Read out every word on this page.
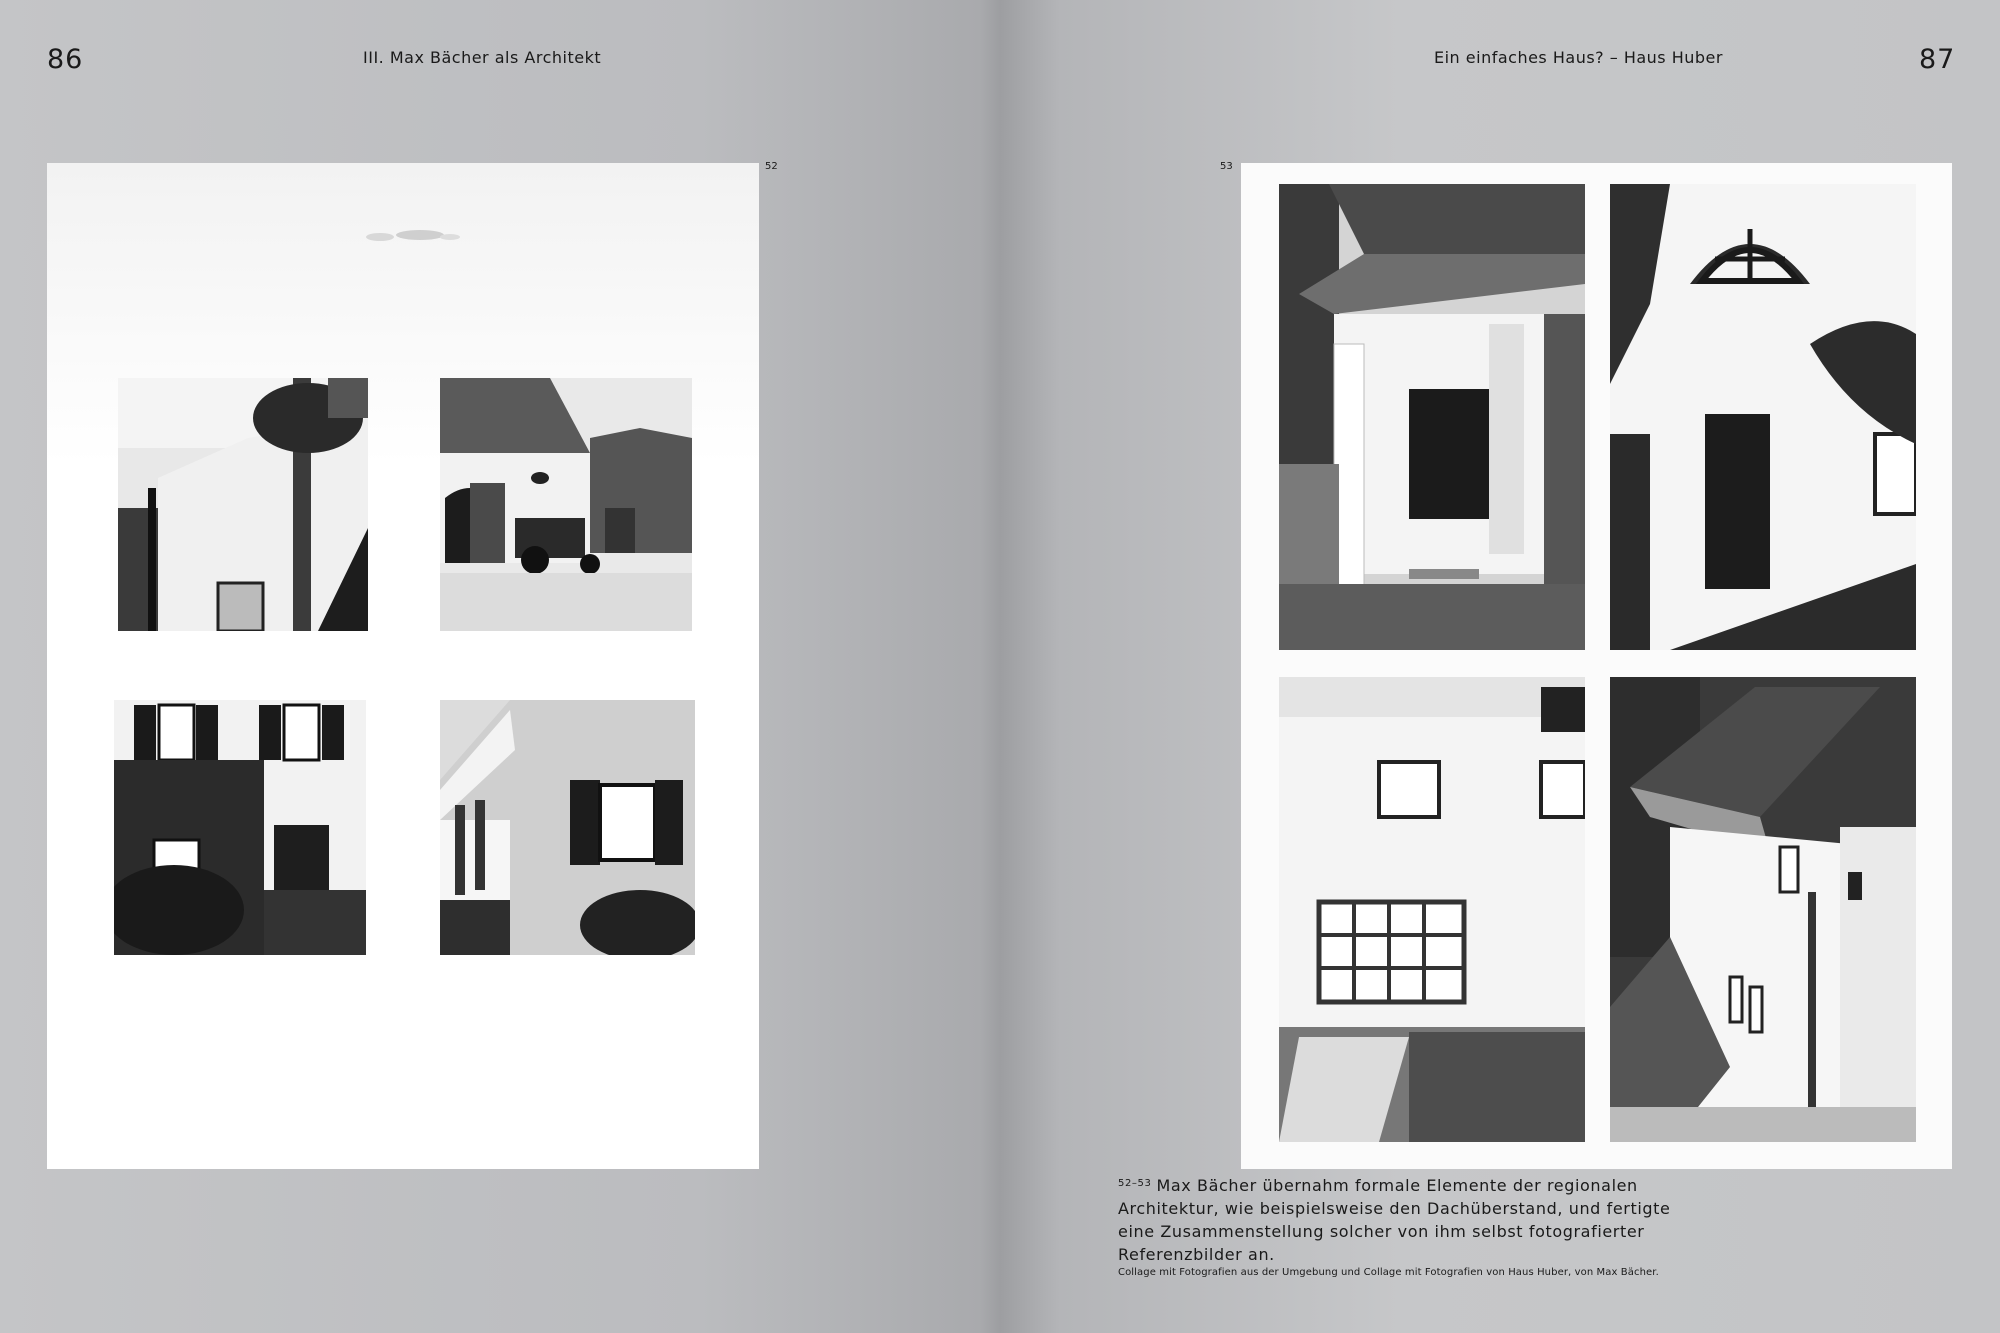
86	III. Max Bächer als Architekt	Ein einfaches Haus? – Haus Huber	87
52	53
$^{52-53}$ Max Bächer übernahm formale Elemente der regionalen Architektur, wie beispielsweise den Dachüberstand, und fertigte eine Zusammenstellung solcher von ihm selbst fotografierter Referenzbilder an.
Collage mit Fotografien aus der Umgebung und Collage mit Fotografien von Haus Huber, von Max Bächer.
